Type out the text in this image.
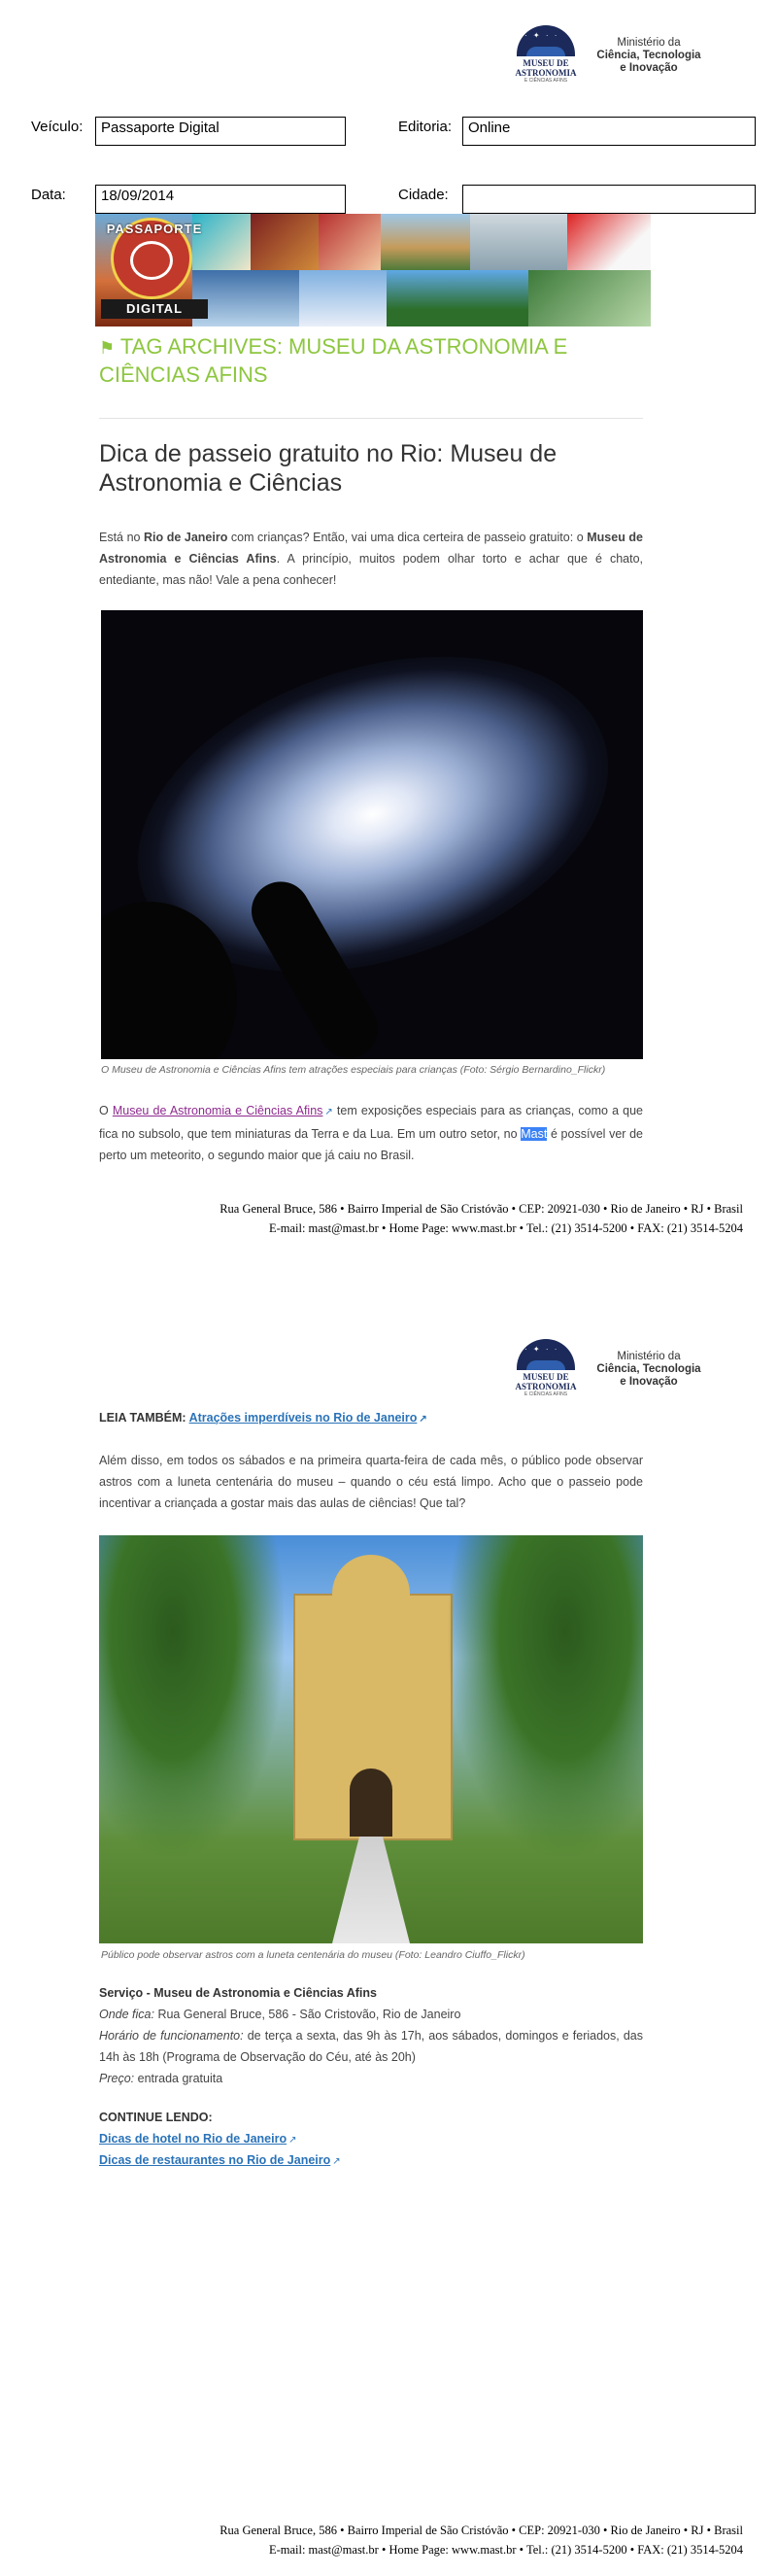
· ✦ · ·
MUSEU DE
ASTRONOMIA
E CIÊNCIAS AFINS
Ministério da
Ciência, Tecnologia
e Inovação
Veículo:	Passaporte Digital	Editoria:	Online
Data:	18/09/2014	Cidade:
PASSAPORTE
DIGITAL
⚑ TAG ARCHIVES: MUSEU DA ASTRONOMIA E CIÊNCIAS AFINS
Dica de passeio gratuito no Rio: Museu de Astronomia e Ciências
Está no Rio de Janeiro com crianças? Então, vai uma dica certeira de passeio gratuito: o Museu de Astronomia e Ciências Afins. A princípio, muitos podem olhar torto e achar que é chato, entediante, mas não! Vale a pena conhecer!
O Museu de Astronomia e Ciências Afins tem atrações especiais para crianças (Foto: Sérgio Bernardino_Flickr)
O Museu de Astronomia e Ciências Afins ↗ tem exposições especiais para as crianças, como a que fica no subsolo, que tem miniaturas da Terra e da Lua. Em um outro setor, no Mast é possível ver de perto um meteorito, o segundo maior que já caiu no Brasil.
Rua General Bruce, 586 • Bairro Imperial de São Cristóvão • CEP: 20921-030 • Rio de Janeiro • RJ • Brasil
E-mail: mast@mast.br • Home Page: www.mast.br • Tel.: (21) 3514-5200 • FAX: (21) 3514-5204
· ✦ · ·
MUSEU DE
ASTRONOMIA
E CIÊNCIAS AFINS
Ministério da
Ciência, Tecnologia
e Inovação
LEIA TAMBÉM: Atrações imperdíveis no Rio de Janeiro ↗
Além disso, em todos os sábados e na primeira quarta-feira de cada mês, o público pode observar astros com a luneta centenária do museu – quando o céu está limpo. Acho que o passeio pode incentivar a criançada a gostar mais das aulas de ciências! Que tal?
Público pode observar astros com a luneta centenária do museu (Foto: Leandro Ciuffo_Flickr)
Serviço - Museu de Astronomia e Ciências Afins
Onde fica: Rua General Bruce, 586 - São Cristovão, Rio de Janeiro
Horário de funcionamento: de terça a sexta, das 9h às 17h, aos sábados, domingos e feriados, das 14h às 18h (Programa de Observação do Céu, até às 20h)
Preço: entrada gratuita
CONTINUE LENDO:
Dicas de hotel no Rio de Janeiro ↗
Dicas de restaurantes no Rio de Janeiro ↗
Rua General Bruce, 586 • Bairro Imperial de São Cristóvão • CEP: 20921-030 • Rio de Janeiro • RJ • Brasil
E-mail: mast@mast.br • Home Page: www.mast.br • Tel.: (21) 3514-5200 • FAX: (21) 3514-5204
